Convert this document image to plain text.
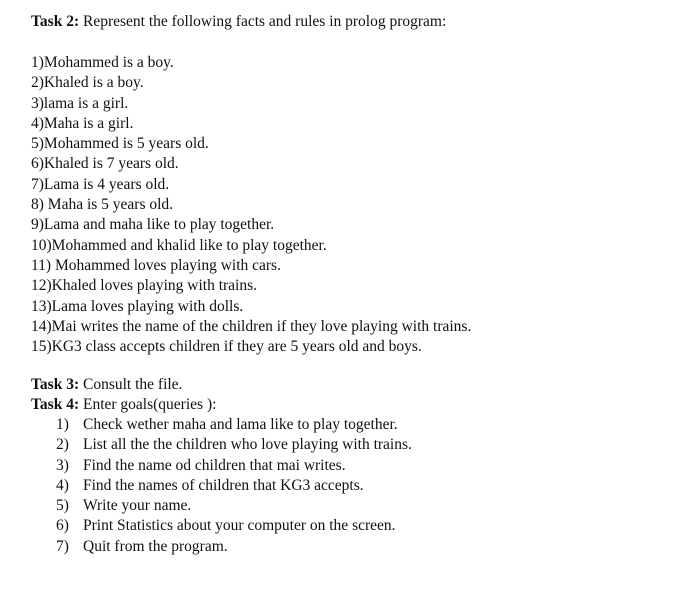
Task 2: Represent the following facts and rules in prolog program:
1)Mohammed is a boy.
2)Khaled is a boy.
3)lama is a girl.
4)Maha is a girl.
5)Mohammed is 5 years old.
6)Khaled is 7 years old.
7)Lama is 4 years old.
8) Maha is 5 years old.
9)Lama and maha like to play together.
10)Mohammed and khalid like to play together.
11) Mohammed loves playing with cars.
12)Khaled loves playing with trains.
13)Lama loves playing with dolls.
14)Mai writes the name of the children if they love playing with trains.
15)KG3 class accepts children if they are 5 years old and boys.
Task 3: Consult the file.
Task 4: Enter goals(queries ):
1) Check wether maha and lama like to play together.
2) List all the the children who love playing with trains.
3) Find the name od children that mai writes.
4) Find the names of children that KG3 accepts.
5) Write your name.
6) Print Statistics about your computer on the screen.
7) Quit from the program.
